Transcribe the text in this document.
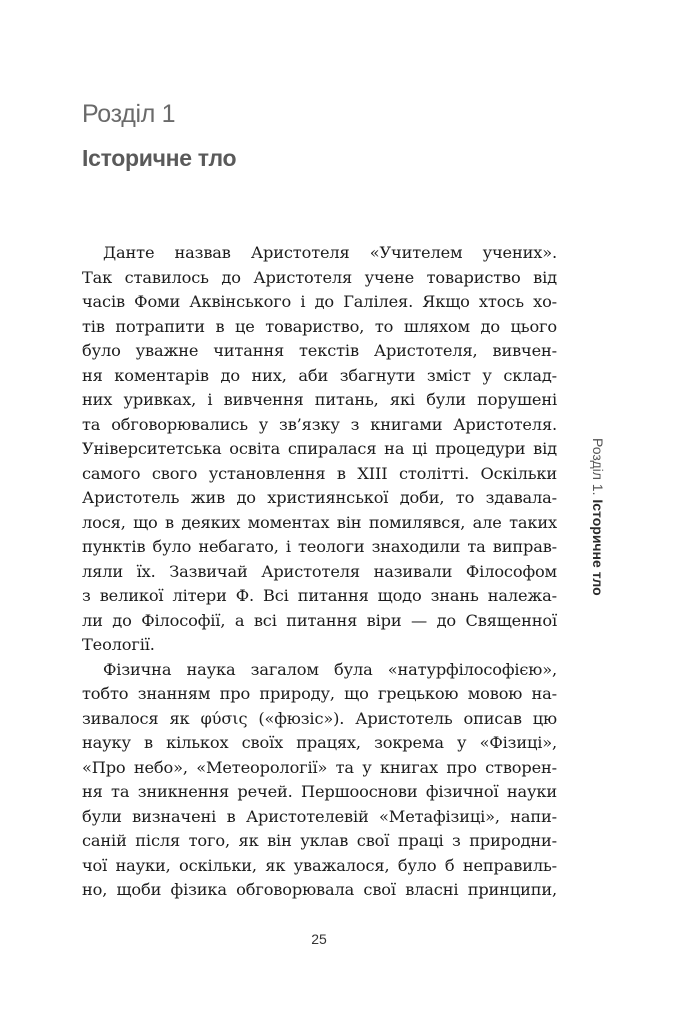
Розділ 1
Історичне тло
Данте назвав Аристотеля «Учителем учених».
Так ставилось до Аристотеля учене товариство від
часів Фоми Аквінського і до Галілея. Якщо хтось хо-
тів потрапити в це товариство, то шляхом до цього
було уважне читання текстів Аристотеля, вивчен-
ня коментарів до них, аби збагнути зміст у склад-
них уривках, і вивчення питань, які були порушені
та обговорювались у зв’язку з книгами Аристотеля.
Університетська освіта спиралася на ці процедури від
самого свого установлення в XIII столітті. Оскільки
Аристотель жив до християнської доби, то здавала-
лося, що в деяких моментах він помилявся, але таких
пунктів було небагато, і теологи знаходили та виправ-
ляли їх. Зазвичай Аристотеля називали Філософом
з великої літери Ф. Всі питання щодо знань належа-
ли до Філософії, а всі питання віри — до Священної
Теології.
Фізична наука загалом була «натурфілософією»,
тобто знанням про природу, що грецькою мовою на-
зивалося як φύσις («фюзіс»). Аристотель описав цю
науку в кількох своїх працях, зокрема у «Фізиці»,
«Про небо», «Метеорології» та у книгах про створен-
ня та зникнення речей. Першооснови фізичної науки
були визначені в Аристотелевій «Метафізиці», напи-
саній після того, як він уклав свої праці з природни-
чої науки, оскільки, як уважалося, було б неправиль-
но, щоби фізика обговорювала свої власні принципи,
Розділ 1. Історичне тло
25
